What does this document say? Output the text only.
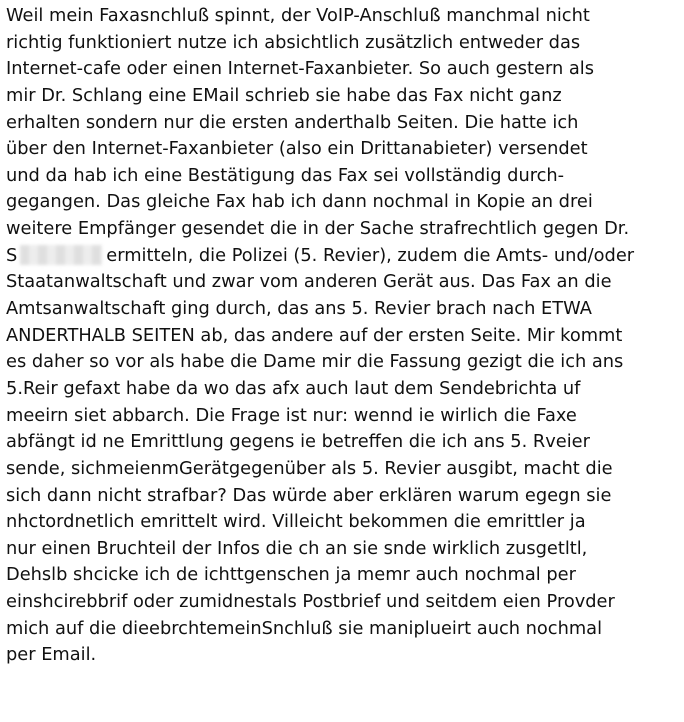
Weil mein Faxasnchluß spinnt, der VoIP-Anschluß manchmal nicht
richtig funktioniert nutze ich absichtlich zusätzlich entweder das
Internet-cafe oder einen Internet-Faxanbieter. So auch gestern als
mir Dr. Schlang eine EMail schrieb sie habe das Fax nicht ganz
erhalten sondern nur die ersten anderthalb Seiten. Die hatte ich
über den Internet-Faxanbieter (also ein Drittanabieter) versendet
und da hab ich eine Bestätigung das Fax sei vollständig durch-
gegangen. Das gleiche Fax hab ich dann nochmal in Kopie an drei
weitere Empfänger gesendet die in der Sache strafrechtlich gegen Dr.
S	ermitteln, die Polizei (5. Revier), zudem die Amts- und/oder
Staatanwaltschaft und zwar vom anderen Gerät aus. Das Fax an die
Amtsanwaltschaft ging durch, das ans 5. Revier brach nach ETWA
ANDERTHALB SEITEN ab, das andere auf der ersten Seite. Mir kommt
es daher so vor als habe die Dame mir die Fassung gezigt die ich ans
5.Reir gefaxt habe da wo das afx auch laut dem Sendebrichta uf
meeirn siet abbarch. Die Frage ist nur: wennd ie wirlich die Faxe
abfängt id ne Emrittlung gegens ie betreffen die ich ans 5. Rveier
sende, sichmeienmGerätgegenüber als 5. Revier ausgibt, macht die
sich dann nicht strafbar? Das würde aber erklären warum egegn sie
nhctordnetlich emrittelt wird. Villeicht bekommen die emrittler ja
nur einen Bruchteil der Infos die ch an sie snde wirklich zusgetltl,
Dehslb shcicke ich de ichttgenschen ja memr auch nochmal per
einshcirebbrif oder zumidnestals Postbrief und seitdem eien Provder
mich auf die dieebrchtemeinSnchluß sie maniplueirt auch nochmal
per Email.
